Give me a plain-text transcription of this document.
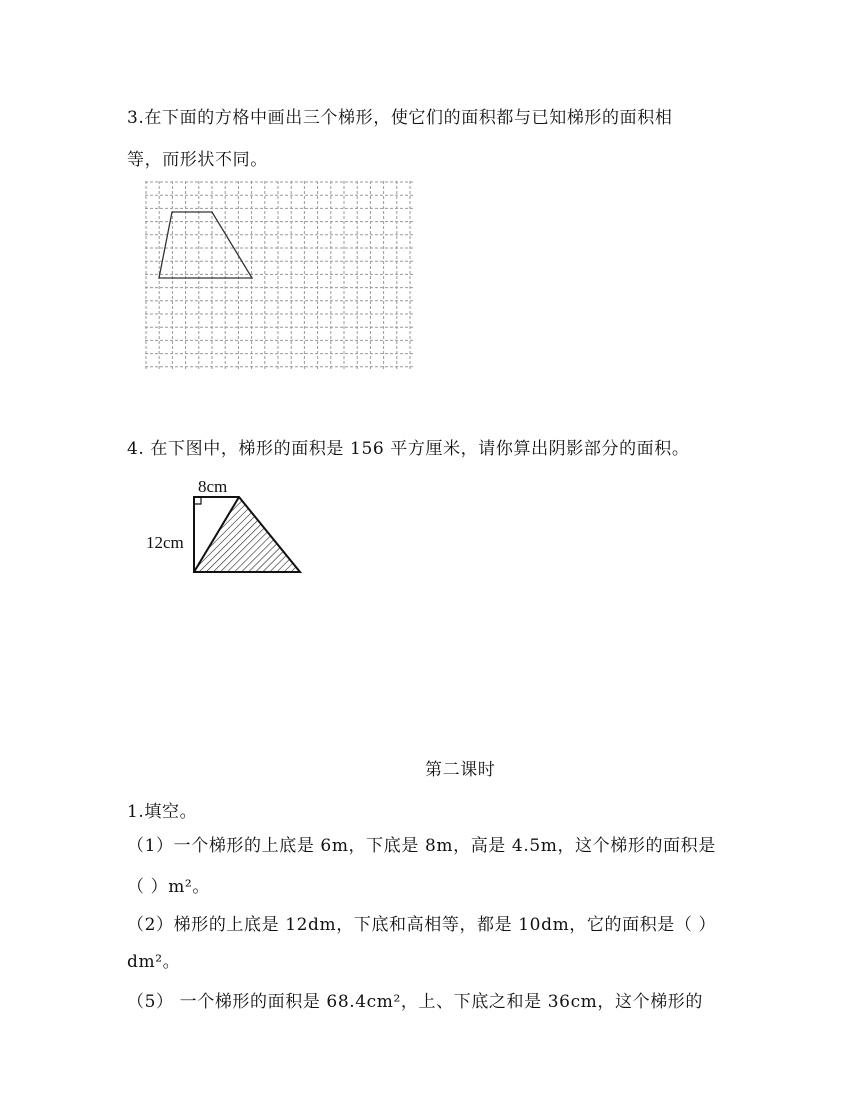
3.在下面的方格中画出三个梯形，使它们的面积都与已知梯形的面积相
等，而形状不同。
4. 在下图中，梯形的面积是 156 平方厘米，请你算出阴影部分的面积。
8cm
12cm
第二课时
1.填空。
（1）一个梯形的上底是 6m，下底是 8m，高是 4.5m，这个梯形的面积是
（ ）m²。
（2）梯形的上底是 12dm，下底和高相等，都是 10dm，它的面积是（ ）
dm²。
（5） 一个梯形的面积是 68.4cm²，上、下底之和是 36cm，这个梯形的
